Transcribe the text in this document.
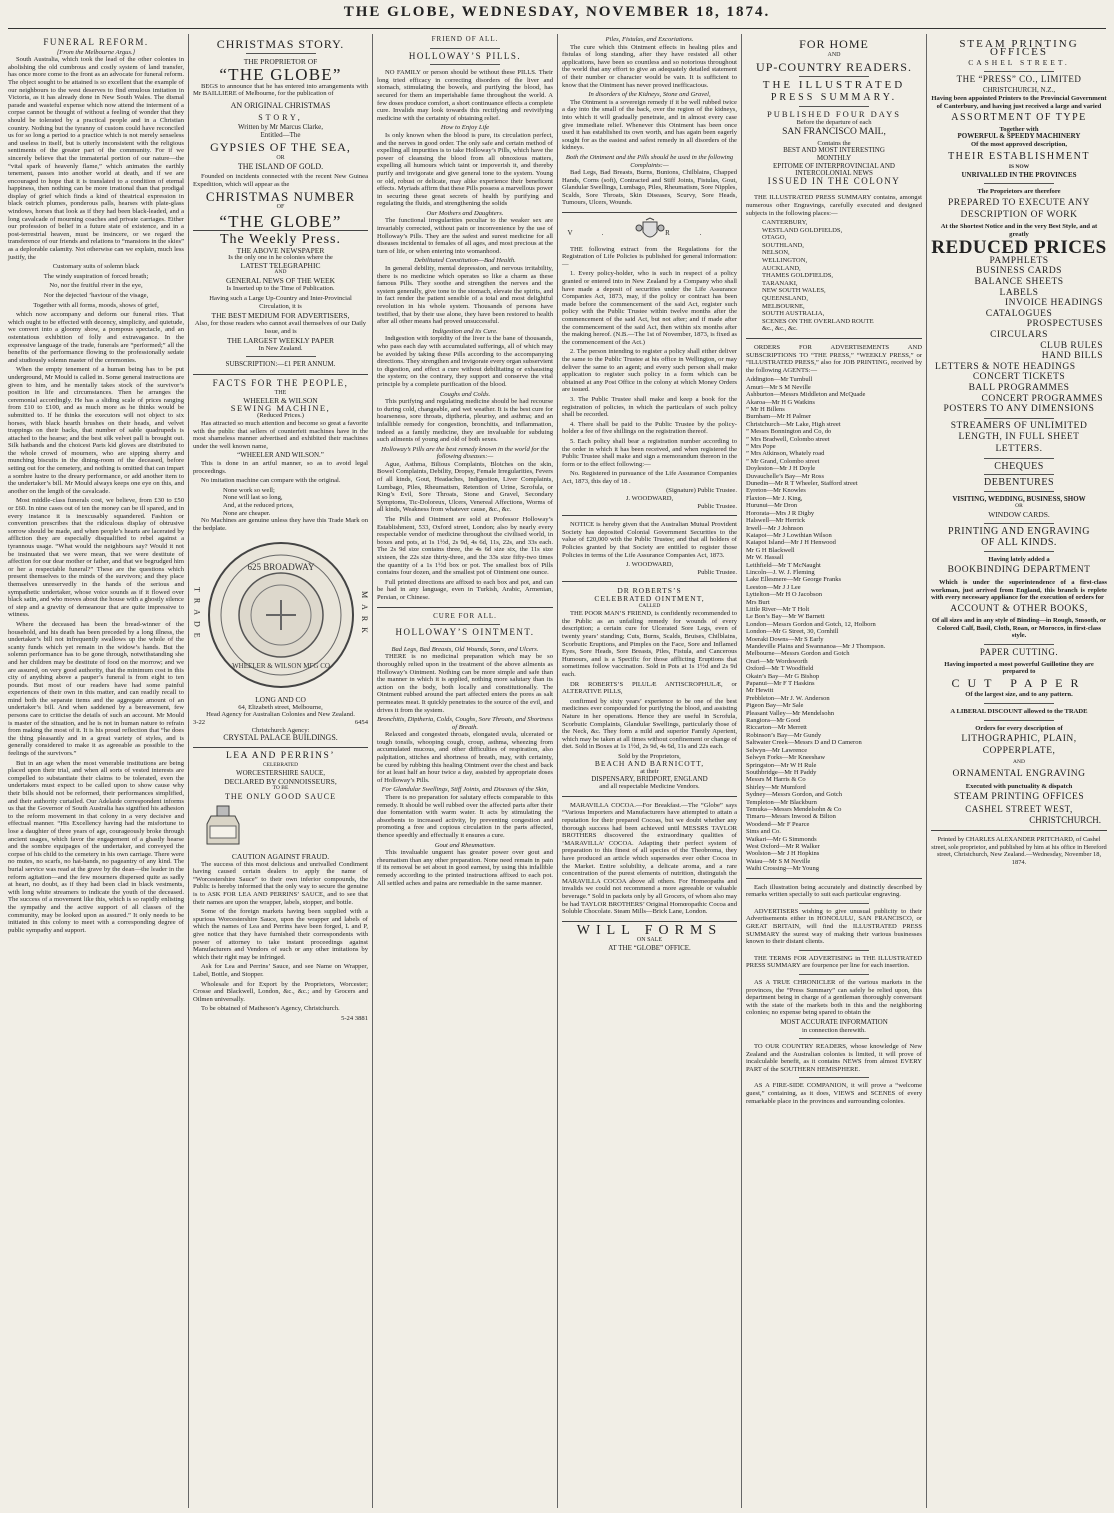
THE GLOBE, WEDNESDAY, NOVEMBER 18, 1874.
FUNERAL REFORM.
[From the Melbourne Argus.]

South Australia, which took the lead of the other colonies in abolishing the old cumbrous and costly system of land transfer, has once more come to the front as an advocate for funeral reform. The object sought to be attained is so excellent that the example of our neighbours to the west deserves to find emulous imitation in Victoria, as it has already done in New South Wales. The dismal parade and wasteful expense which now attend the interment of a corpse cannot be thought of without a feeling of wonder that they should be tolerated by a practical people and in a Christian country. Nothing but the tyranny of custom could have reconciled us for so long a period to a practice which is not merely senseless and useless in itself, but is utterly inconsistent with the religious sentiments of the greater part of the community. For if we sincerely believe that the immaterial portion of our nature—the “vital spark of heavenly flame,” which animates the earthly tenement, passes into another world at death, and if we are encouraged to hope that it is translated to a condition of eternal happiness, then nothing can be more irrational than that prodigal display of grief which finds a kind of theatrical expression in black ostrich plumes, ponderous palls, hearses with plate-glass windows, horses that look as if they had been black-leaded, and a long cavalcade of mourning coaches and private carriages. Either our profession of belief in a future state of existence, and in a post-terrestrial heaven, must be insincere, or we regard the transference of our friends and relations to “mansions in the skies” as a deplorable calamity. Not otherwise can we explain, much less justify, the

Customary suits of solemn black

The windy suspiration of forced breath;

No, nor the fruitful river in the eye,

Nor the dejected ’haviour of the visage,

Together with all forms, moods, shows of grief,

which now accompany and deform our funeral rites. That which ought to be effected with decency, simplicity, and quietude, we convert into a gloomy show, a pompous spectacle, and an ostentatious exhibition of folly and extravagance. In the expressive language of the trade, funerals are “performed;” all the benefits of the performance flowing to the professionally sedate and studiously solemn master of the ceremonies.

When the empty tenement of a human being has to be put underground, Mr Mould is called in. Some general instructions are given to him, and he mentally takes stock of the survivor’s position in life and circumstances. Then he arranges the ceremonial accordingly. He has a sliding scale of prices ranging from £10 to £100, and as much more as he thinks would be submitted to. If he thinks the executors will not object to six horses, with black hearth brushes on their heads, and velvet trappings on their backs, that number of sable quadrupeds is attached to the hearse; and the best silk velvet pall is brought out. Silk hatbands and the choicest Paris kid gloves are distributed to the whole crowd of mourners, who are sipping sherry and munching biscuits in the dining-room of the deceased, before setting out for the cemetery, and nothing is omitted that can impart a sombre lustre to the dreary performance, or add another item to the undertaker’s bill. Mr Mould always keeps one eye on this, and another on the length of the cavalcade.

Most middle-class funerals cost, we believe, from £30 to £50 or £60. In nine cases out of ten the money can be ill spared, and in every instance it is inexcusably squandered. Fashion or convention prescribes that the ridiculous display of obtrusive sorrow should be made, and when people’s hearts are lacerated by affliction they are especially disqualified to rebel against a tyrannous usage. “What would the neighbours say? Would it not be insinuated that we were mean, that we were destitute of affection for our dear mother or father, and that we begrudged him or her a respectable funeral?” These are the questions which present themselves to the minds of the survivors; and they place themselves unreservedly in the hands of the serious and sympathetic undertaker, whose voice sounds as if it flowed over black satin, and who moves about the house with a ghostly silence of step and a gravity of demeanour that are quite impressive to witness.

Where the deceased has been the bread-winner of the household, and his death has been preceded by a long illness, the undertaker’s bill not infrequently swallows up the whole of the scanty funds which yet remain in the widow’s hands. But the solemn performance has to be gone through, notwithstanding she and her children may be destitute of food on the morrow; and we are assured, on very good authority, that the minimum cost in this city of anything above a pauper’s funeral is from eight to ten pounds. But most of our readers have had some painful experiences of their own in this matter, and can readily recall to mind both the separate items and the aggregate amount of an undertaker’s bill. And when saddened by a bereavement, few persons care to criticise the details of such an account. Mr Mould is master of the situation, and he is not in human nature to refrain from making the most of it. It is his proud reflection that “he does the thing pleasantly and in a great variety of styles, and is generally considered to make it as agreeable as possible to the feelings of the survivors.”

But in an age when the most venerable institutions are being placed upon their trial, and when all sorts of vested interests are compelled to substantiate their claims to be tolerated, even the undertakers must expect to be called upon to show cause why their bills should not be reformed, their performances simplified, and their authority curtailed. Our Adelaide correspondent informs us that the Governor of South Australia has signified his adhesion to the reform movement in that colony in a very decisive and effectual manner. “His Excellency having had the misfortune to lose a daughter of three years of age, courageously broke through ancient usages, which favor the engagement of a ghastly hearse and the sombre equipages of the undertaker, and conveyed the corpse of his child to the cemetery in his own carriage. There were no mutes, no scarfs, no hat-bands, no pageantry of any kind. The burial service was read at the grave by the dean—the leader in the reform agitation—and the few mourners dispersed quite as sadly at heart, no doubt, as if they had been clad in black vestments, with long white streamers to indicate the youth of the deceased. The success of a movement like this, which is so rapidly enlisting the sympathy and the active support of all classes of the community, may be looked upon as assured.” It only needs to be initiated in this colony to meet with a corresponding degree of public sympathy and support.

CHRISTMAS STORY.
THE PROPRIETOR OF
“THE GLOBE”

BEGS to announce that he has entered into arrangements with Mr BAILLIERE of Melbourne, for the publication of

AN ORIGINAL CHRISTMAS
STORY,
Written by Mr Marcus Clarke,
Entitled—The
GYPSIES OF THE SEA,
OR
THE ISLAND OF GOLD.

Founded on incidents connected with the recent New Guinea Expedition, which will appear as the

CHRISTMAS NUMBER
OF
“THE GLOBE”
The Weekly Press.
THE ABOVE NEWSPAPER
Is the only one in he colonies where the
LATEST TELEGRAPHIC
AND
GENERAL NEWS OF THE WEEK
Is Inserted up to the Time of Publication.

Having such a Large Up-Country and Inter-Provincial Circulation, it is

THE BEST MEDIUM FOR ADVERTISERS,

Also, for those readers who cannot avail themselves of our Daily Issue, and is

THE LARGEST WEEKLY PAPER
In New Zealand.
SUBSCRIPTION:—£1 PER ANNUM.
FACTS FOR THE PEOPLE,
THE
WHEELER & WILSON
SEWING MACHINE,
(Reduced Prices.)

Has attracted so much attention and become so great a favorite with the public that sellers of counterfeit machines have in the most shameless manner advertised and exhibited their machines under the well known name,

“WHEELER AND WILSON.”

This is done in an artful manner, so as to avoid legal proceedings.

No imitation machine can compare with the original.

None work so well;
None will last so long,
And, at the reduced prices,
None are cheaper.

No Machines are genuine unless they have this Trade Mark on the bedplate.

TRADE
625 BROADWAY
WHEELER & WILSON MFG CO
MARK
LONG AND CO
64, Elizabeth street, Melbourne,
Head Agency for Australian Colonies and New Zealand.
3-22	6454
Christchurch Agency:
CRYSTAL PALACE BUILDINGS.
LEA AND PERRINS’
CELEBRATED
WORCESTERSHIRE SAUCE,
DECLARED BY CONNOISSEURS,
TO BE
THE ONLY GOOD SAUCE
CAUTION AGAINST FRAUD.

The success of this most delicious and unrivalled Condiment having caused certain dealers to apply the name of “Worcestershire Sauce” to their own inferior compounds, the Public is hereby informed that the only way to secure the genuine is to ASK FOR LEA AND PERRINS’ SAUCE, and to see that their names are upon the wrapper, labels, stopper, and bottle.

Some of the foreign markets having been supplied with a spurious Worcestershire Sauce, upon the wrapper and labels of which the names of Lea and Perrins have been forged, L and P, give notice that they have furnished their correspondents with power of attorney to take instant proceedings against Manufacturers and Vendors of such or any other imitations by which their right may be infringed.

Ask for Lea and Perrins’ Sauce, and see Name on Wrapper, Label, Bottle, and Stopper.

Wholesale and for Export by the Proprietors, Worcester; Crosse and Blackwell, London, &c., &c.; and by Grocers and Oilmen universally.

To be obtained of Matheson’s Agency, Christchurch.

5-24 3881
FRIEND OF ALL.
HOLLOWAY’S PILLS.

NO FAMILY or person should be without these PILLS. Their long tried efficacy in correcting disorders of the liver and stomach, stimulating the bowels, and purifying the blood, has secured for them an imperishable fame throughout the world. A few doses produce comfort, a short continuance effects a complete cure. Invalids may look towards this rectifying and revivifying medicine with the certainty of obtaining relief.

How to Enjoy Life

Is only known when the blood is pure, its circulation perfect, and the nerves in good order. The only safe and certain method of expelling all impurities is to take Holloway’s Pills, which have the power of cleansing the blood from all obnoxious matters, expelling all humours which taint or impoverish it, and thereby purify and invigorate and give general tone to the system. Young or old, robust or delicate, may alike experience their beneficent effects. Myriads affirm that these Pills possess a marvellous power in securing these great secrets of health by purifying and regulating the fluids, and strengthening the solids

Our Mothers and Daughters.

The functional irregularities peculiar to the weaker sex are invariably corrected, without pain or inconvenience by the use of Holloway’s Pills. They are the safest and surest medicine for all diseases incidental to females of all ages, and most precious at the turn of life, or when entering into womanhood.

Debilitated Constitution—Bad Health.

In general debility, mental depression, and nervous irritability, there is no medicine which operates so like a charm as these famous Pills. They soothe and strengthen the nerves and the system generally, give tone to the stomach, elevate the spirits, and in fact render the patient sensible of a total and most delightful revolution in his whole system. Thousands of persons have testified, that by their use alone, they have been restored to health after all other means had proved unsuccessful.

Indigestion and its Cure.

Indigestion with torpidity of the liver is the bane of thousands, who pass each day with accumulated sufferings, all of which may be avoided by taking these Pills according to the accompanying directions. They strengthen and invigorate every organ subservient to digestion, and effect a cure without debilitating or exhausting the system; on the contrary, they support and conserve the vital principle by a complete purification of the blood.

Coughs and Colds.

This purifying and regulating medicine should be had recourse to during cold, changeable, and wet weather. It is the best cure for hoarseness, sore throats, diptheria, pleurisy, and asthma; and an infallible remedy for congestion, bronchitis, and inflammation, indeed as a family medicine, they are invaluable for subduing such ailments of young and old of both sexes.

Holloway’s Pills are the best remedy known in the world for the following diseases:—

Ague, Asthma, Bilious Complaints, Blotches on the skin, Bowel Complaints, Debility, Dropsy, Female Irregularities, Fevers of all kinds, Gout, Headaches, Indigestion, Liver Complaints, Lumbago, Piles, Rheumatism, Retention of Urine, Scrofula, or King’s Evil, Sore Throats, Stone and Gravel, Secondary Symptoms, Tic-Doloreux, Ulcers, Venereal Affections, Worms of all kinds, Weakness from whatever cause, &c., &c.

The Pills and Ointment are sold at Professor Holloway’s Establishment, 533, Oxford street, London; also by nearly every respectable vendor of medicine throughout the civilised world, in boxes and pots, at 1s 1½d, 2s 9d, 4s 6d, 11s, 22s, and 33s each. The 2s 9d size contains three, the 4s 6d size six, the 11s size sixteen, the 22s size thirty-three, and the 33s size fifty-two times the quantity of a 1s 1½d box or pot. The smallest box of Pills contains four dozen, and the smallest pot of Ointment one ounce.

Full printed directions are affixed to each box and pot, and can be had in any language, even in Turkish, Arabic, Armenian, Persian, or Chinese.

CURE FOR ALL.
HOLLOWAY’S OINTMENT.
Bad Legs, Bad Breasts, Old Wounds, Sores, and Ulcers.

THERE is no medicinal preparation which may be so thoroughly relied upon in the treatment of the above ailments as Holloway’s Ointment. Nothing can be more simple and safe than the manner in which it is applied, nothing more salutary than its action on the body, both locally and constitutionally. The Ointment rubbed around the part affected enters the pores as salt permeates meat. It quickly penetrates to the source of the evil, and drives it from the system.

Bronchitis, Diptheria, Colds, Coughs, Sore Throats, and Shortness of Breath.

Relaxed and congested throats, elongated uvula, ulcerated or tough tonsils, whooping cough, croup, asthma, wheezing from accumulated mucous, and other difficulties of respiration, also palpitation, stitches and shortness of breath, may, with certainty, be cured by rubbing this healing Ointment over the chest and back for at least half an hour twice a day, assisted by appropriate doses of Holloway’s Pills.

For Glandular Swellings, Stiff Joints, and Diseases of the Skin,

There is no preparation for salutary effects comparable to this remedy. It should be well rubbed over the affected parts after their due fomentation with warm water. It acts by stimulating the absorbents to increased activity, by preventing congestion and promoting a free and copious circulation in the parts affected, thence speedily and effectually it ensures a cure.

Gout and Rheumatism.

This invaluable unguent has greater power over gout and rheumatism than any other preparation. None need remain in pain if its removal be set about in good earnest, by using this infallible remedy according to the printed instructions affixed to each pot. All settled aches and pains are remediable in the same manner.

Piles, Fistulas, and Excoriations.

The cure which this Ointment effects in healing piles and fistulas of long standing, after they have resisted all other applications, have been so countless and so notorious throughout the world that any effort to give an adequately detailed statement of their number or character would be vain. It is sufficient to know that the Ointment has never proved inefficacious.

In disorders of the Kidneys, Stone and Gravel,

The Ointment is a sovereign remedy if it be well rubbed twice a day into the small of the back, over the region of the kidneys, into which it will gradually penetrate, and in almost every case give immediate relief. Whenever this Ointment has been once used it has established its own worth, and has again been eagerly sought for as the easiest and safest remedy in all disorders of the kidneys.

Both the Ointment and the Pills should be used in the following Complaints:—

Bad Legs, Bad Breasts, Burns, Bunions, Chilblains, Chapped Hands, Corns (soft), Contracted and Stiff Joints, Fistulas, Gout, Glandular Swellings, Lumbago, Piles, Rheumatism, Sore Nipples, Scalds, Sore Throats, Skin Diseases, Scurvy, Sore Heads, Tumours, Ulcers, Wounds.

V. R.

THE following extract from the Regulations for the Registration of Life Policies is published for general information:—

1. Every policy-holder, who is such in respect of a policy granted or entered into in New Zealand by a Company who shall have made a deposit of securities under the Life Assurance Companies Act, 1873, may, if the policy or contract has been made before the commencement of the said Act, register such policy with the Public Trustee within twelve months after the commencement of the said Act, but not after; and if made after the commencement of the said Act, then within six months after the making hereof. (N.B.—The 1st of November, 1873, is fixed as the commencement of the Act.)

2. The person intending to register a policy shall either deliver the same to the Public Trustee at his office in Wellington, or may deliver the same to an agent; and every such person shall make application to register such policy in a form which can be obtained at any Post Office in the colony at which Money Orders are issued.

3. The Public Trustee shall make and keep a book for the registration of policies, in which the particulars of such policy shall be recorded.

4. There shall be paid to the Public Trustee by the policy-holder a fee of five shillings on the registration thereof.

5. Each policy shall bear a registration number according to the order in which it has been received, and when registered the Public Trustee shall make and sign a memorandum thereon in the form or to the effect following:—

No. Registered in pursuance of the Life Assurance Companies Act, 1873, this day of 18 .

(Signature) Public Trustee.
J. WOODWARD,
Public Trustee.

NOTICE is hereby given that the Australian Mutual Provident Society has deposited Colonial Government Securities to the value of £20,000 with the Public Trustee; and that all holders of Policies granted by that Society are entitled to register those Policies in terms of the Life Assurance Companies Act, 1873.

J. WOODWARD,
Public Trustee.
DR ROBERTS’S
CELEBRATED OINTMENT,
CALLED

THE POOR MAN’S FRIEND, is confidently recommended to the Public as an unfailing remedy for wounds of every description; a certain cure for Ulcerated Sore Legs, even of twenty years’ standing; Cuts, Burns, Scalds, Bruises, Chilblains, Scorbutic Eruptions, and Pimples on the Face, Sore and Inflamed Eyes, Sore Heads, Sore Breasts, Piles, Fistula, and Cancerous Humours, and is a Specific for those afflicting Eruptions that sometimes follow vaccination. Sold in Pots at 1s 1½d and 2s 9d each.

DR ROBERTS’S PILULÆ ANTISCROPHULÆ, or ALTERATIVE PILLS,

confirmed by sixty years’ experience to be one of the best medicines ever compounded for purifying the blood, and assisting Nature in her operations. Hence they are useful in Scrofula, Scorbutic Complaints, Glandular Swellings, particularly those of the Neck, &c. They form a mild and superior Family Aperient, which may be taken at all times without confinement or change of diet. Sold in Boxes at 1s 1½d, 2s 9d, 4s 6d, 11s and 22s each.

Sold by the Proprietors,
BEACH AND BARNICOTT,
at their
DISPENSARY, BRIDPORT, ENGLAND
and all respectable Medicine Vendors.

MARAVILLA COCOA.—For Breakfast.—The “Globe” says “Various Importers and Manufacturers have attempted to attain a reputation for their prepared Cocoas, but we doubt whether any thorough success had been achieved until MESSRS TAYLOR BROTHERS discovered the extraordinary qualities of ‘MARAVILLA’ COCOA. Adapting their perfect system of preparation to this finest of all species of the Theobroma, they have produced an article which supersedes ever other Cocoa in the Market. Entire solubility, a delicate aroma, and a rare concentration of the purest elements of nutrition, distinguish the MARAVILLA COCOA above all others. For Homeopaths and invalids we could not recommend a more agreeable or valuable beverage.” Sold in packets only by all Grocers, of whom also may be had TAYLOR BROTHERS’ Original Homœopathic Cocoa and Soluble Chocolate. Steam Mills—Brick Lane, London.

WILL FORMS
ON SALE
AT THE “GLOBE” OFFICE.
FOR HOME
AND
UP-COUNTRY READERS.
THE ILLUSTRATED
PRESS SUMMARY.
PUBLISHED FOUR DAYS
Before the departure of each
SAN FRANCISCO MAIL,
Contains the
BEST AND MOST INTERESTING
MONTHLY
EPITOME OF INTERPROVINCIAL AND
INTERCOLONIAL NEWS
ISSUED IN THE COLONY

THE ILLUSTRATED PRESS SUMMARY contains, amongst numerous other Engravings, carefully executed and designed subjects in the following places:—

CANTERBURY,
WESTLAND GOLDFIELDS,
OTAGO,
SOUTHLAND,
NELSON,
WELLINGTON,
AUCKLAND,
THAMES GOLDFIELDS,
TARANAKI,
NEW SOUTH WALES,
QUEENSLAND,
MELBOURNE,
SOUTH AUSTRALIA,
SCENES ON THE OVERLAND ROUTE
&c., &c., &c.

ORDERS FOR ADVERTISEMENTS AND SUBSCRIPTIONS TO “THE PRESS,” “WEEKLY PRESS,” or “ILLUSTRATED PRESS,” also for JOB PRINTING, received by the following AGENTS:—

Addington—Mr Turnbull
Amuri—Mr S M Neville
Ashburton—Messrs Middleton and McQuade
Akaroa—Mr H G Watkins
” Mr H Billens
Burnham—Mr H Palmer
Christchurch—Mr Lake, High street
” Messrs Bonnington and Co, do
” Mrs Bradwell, Colombo street
” Mrs Pope
” Mrs Atkinson, Whately road
” Mr Grand, Colombo street
Doyleston—Mr J H Doyle
Duvauchelle’s Bay—Mr Ross
Dunedin—Mr R T Wheeler, Stafford street
Eyreton—Mr Knowles
Flaxton—Mr J. King,
Hurunui—Mr Dron
Hororata—Mrs J R Digby
Halswell—Mr Herrick
Irwell—Mr J Johnson
Kaiapoi—Mr J Lowthian Wilson
Kaiapoi Island—Mr J H Henwood
Mr G H Blackwell
Mr W. Hassall
Leithfield—Mr T McNaught
Lincoln—J. W. J. Fleming
Lake Ellesmere—Mr George Franks
Leeston—Mr J J Lee
Lyttelton—Mr H O Jacobson
Mrs Burt
Little River—Mr T Holt
Le Bon’s Bay—Mr W Barnett
London—Messrs Gordon and Gotch, 12, Holborn
London—Mr G Street, 30, Cornhill
Moeraki Downs—Mr S Early
Mandeville Plains and Swannanoa—Mr J Thompson.
Melbourne—Messrs Gordon and Gotch
Orari—Mr Wordsworth
Oxford—Mr T Woodfield
Okain’s Bay—Mr G Bishop
Papanui—Mr F T Haskins
Mr Hewitt
Prebbleton—Mr J. W. Anderson
Pigeon Bay—Mr Sale
Pleasant Valley—Mr Mendelsohn
Rangiora—Mr Good
Riccarton—Mr Merrett
Robinson’s Bay—Mr Gundy
Saltwater Creek—Messrs D and D Cameron
Selwyn—Mr Lawrence
Selwyn Forks—Mr Kneeshaw
Springston—Mr W H Rule
Southbridge—Mr H Paddy
Messrs M Harris & Co
Shirley—Mr Mumford
Sydney—Messrs Gordon, and Gotch
Templeton—Mr Blackburn
Temuka—Messrs Mendelsohn & Co
Timaru—Messrs Inwood & Bilton
Woodend—Mr F Pearce
Sims and Co.
Waikari—Mr G Simmonds
West Oxford—Mr R Walker
Woolston—Mr J H Hopkins
Waiau—Mr S M Neville
Waihi Crossing—Mr Young

Each illustration being accurately and distinctly described by remarks written specially to suit each particular engraving.

ADVERTISERS wishing to give unusual publicity to their Advertisements either in HONOLULU, SAN FRANCISCO, or GREAT BRITAIN, will find the ILLUSTRATED PRESS SUMMARY the surest way of making their various businesses known to their distant clients.

THE TERMS FOR ADVERTISING in THE ILLUSTRATED PRESS SUMMARY are fourpence per line for each insertion.

AS A TRUE CHRONICLER of the various markets in the provinces, the “Press Summary” can safely be relied upon, this department being in charge of a gentleman thoroughly conversant with the state of the markets both in this and the neighboring colonies; no expense being spared to obtain the

MOST ACCURATE INFORMATION
in connection therewith.

TO OUR COUNTRY READERS, whose knowledge of New Zealand and the Australian colonies is limited, it will prove of incalculable benefit, as it contains NEWS from almost EVERY PART of the SOUTHERN HEMISPHERE.

AS A FIRE-SIDE COMPANION, it will prove a “welcome guest,” containing, as it does, VIEWS and SCENES of every remarkable place in the provinces and surrounding colonies.

STEAM PRINTING OFFICES
CASHEL STREET.
THE “PRESS” CO., LIMITED
CHRISTCHURCH, N.Z.,

Having been appointed Printers to the Provincial Government of Canterbury, and having just received a large and varied

ASSORTMENT OF TYPE
Together with
POWERFUL & SPEEDY MACHINERY
Of the most approved description,
THEIR ESTABLISHMENT
IS NOW
UNRIVALLED IN THE PROVINCES
The Proprietors are therefore
PREPARED TO EXECUTE ANY
DESCRIPTION OF WORK
At the Shortest Notice and in the very Best Style, and at greatly
REDUCED PRICES
PAMPHLETS
BUSINESS CARDS
BALANCE SHEETS
LABELS
INVOICE HEADINGS
CATALOGUES
PROSPECTUSES
CIRCULARS
CLUB RULES
HAND BILLS
LETTERS & NOTE HEADINGS
CONCERT TICKETS
BALL PROGRAMMES
CONCERT PROGRAMMES
POSTERS TO ANY DIMENSIONS
STREAMERS OF UNLIMITED
LENGTH, IN FULL SHEET
LETTERS.
CHEQUES
DEBENTURES
VISITING, WEDDING, BUSINESS, SHOW
OR
WINDOW CARDS.
PRINTING AND ENGRAVING
OF ALL KINDS.
Having lately added a
BOOKBINDING DEPARTMENT

Which is under the superintendence of a first-class workman, just arrived from England, this branch is replete with every necessary appliance for the execution of orders for

ACCOUNT & OTHER BOOKS,

Of all sizes and in any style of Binding—in Rough, Smooth, or Colored Calf, Basil, Cloth, Roan, or Morocco, in first-class style.

PAPER CUTTING.

Having imported a most powerful Guillotine they are prepared to

CUT PAPER
Of the largest size, and to any pattern.
A LIBERAL DISCOUNT allowed to the TRADE
Orders for every description of
LITHOGRAPHIC, PLAIN,
COPPERPLATE,
AND
ORNAMENTAL ENGRAVING
Executed with punctuality & dispatch
STEAM PRINTING OFFICES
CASHEL STREET WEST,
CHRISTCHURCH.

Printed by CHARLES ALEXANDER PRITCHARD, of Cashel street, sole proprietor, and published by him at his office in Hereford street, Christchurch, New Zealand.—Wednesday, November 18, 1874.
